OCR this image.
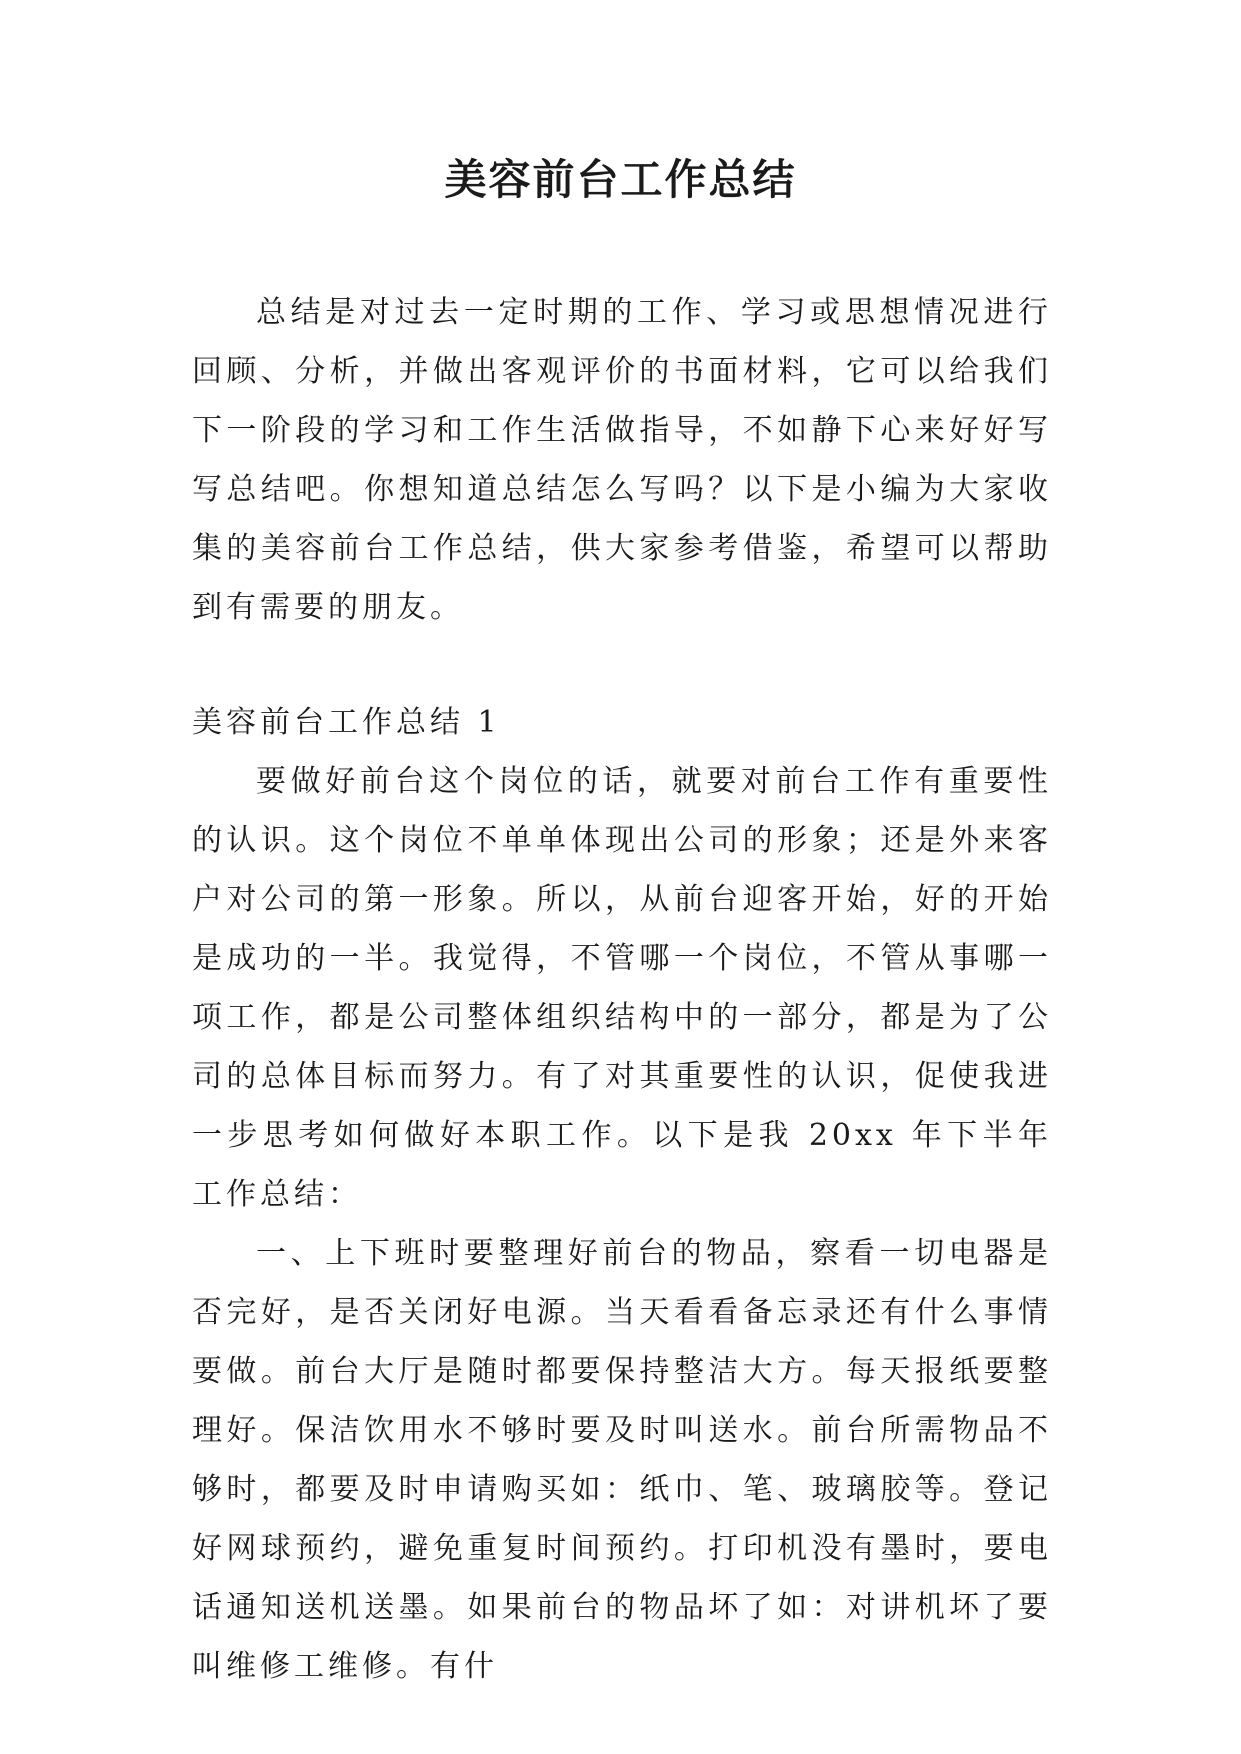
美容前台工作总结

总结是对过去一定时期的工作、学习或思想情况进行回顾、分析，并做出客观评价的书面材料，它可以给我们下一阶段的学习和工作生活做指导，不如静下心来好好写写总结吧。你想知道总结怎么写吗？以下是小编为大家收集的美容前台工作总结，供大家参考借鉴，希望可以帮助到有需要的朋友。

美容前台工作总结 1

要做好前台这个岗位的话，就要对前台工作有重要性的认识。这个岗位不单单体现出公司的形象；还是外来客户对公司的第一形象。所以，从前台迎客开始，好的开始是成功的一半。我觉得，不管哪一个岗位，不管从事哪一项工作，都是公司整体组织结构中的一部分，都是为了公司的总体目标而努力。有了对其重要性的认识，促使我进一步思考如何做好本职工作。以下是我 20xx 年下半年工作总结：

一、上下班时要整理好前台的物品，察看一切电器是否完好，是否关闭好电源。当天看看备忘录还有什么事情要做。前台大厅是随时都要保持整洁大方。每天报纸要整理好。保洁饮用水不够时要及时叫送水。前台所需物品不够时，都要及时申请购买如：纸巾、笔、玻璃胶等。登记好网球预约，避免重复时间预约。打印机没有墨时，要电话通知送机送墨。如果前台的物品坏了如：对讲机坏了要叫维修工维修。有什
